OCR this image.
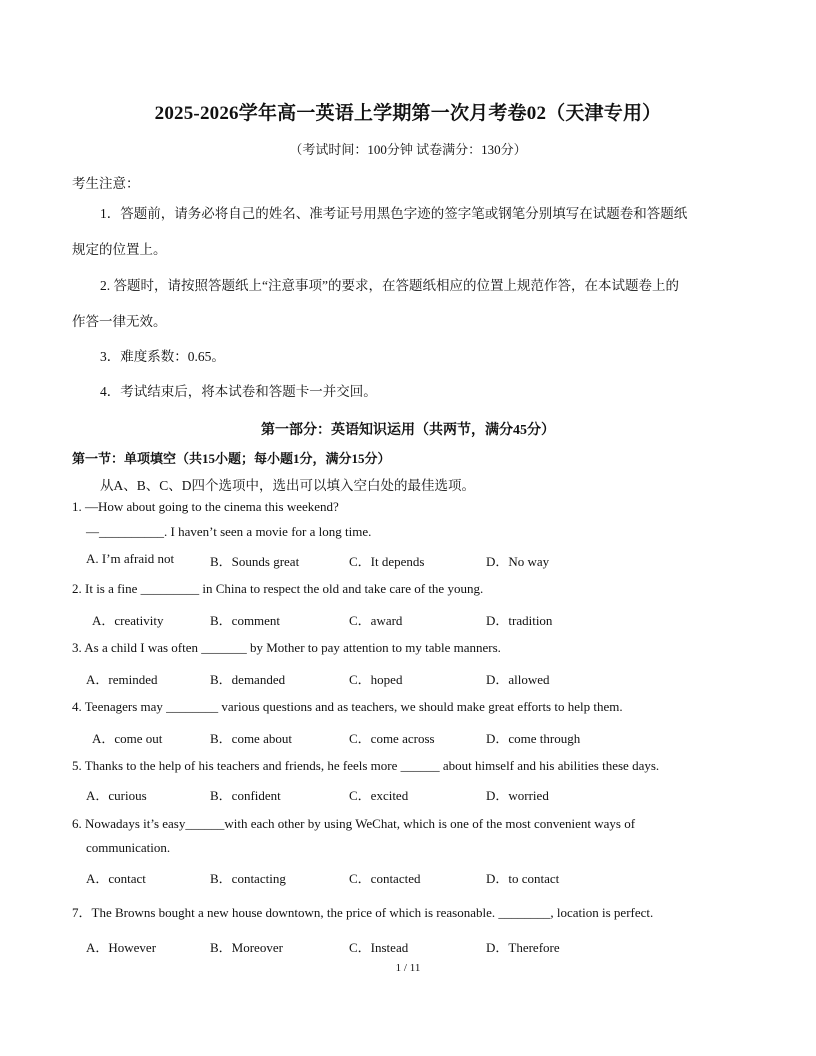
2025-2026学年高一英语上学期第一次月考卷02（天津专用）
（考试时间：100分钟 试卷满分：130分）
考生注意：
1．答题前，请务必将自己的姓名、准考证号用黑色字迹的签字笔或钢笔分别填写在试题卷和答题纸
规定的位置上。
2. 答题时，请按照答题纸上“注意事项”的要求，在答题纸相应的位置上规范作答，在本试题卷上的
作答一律无效。
3．难度系数：0.65。
4．考试结束后，将本试卷和答题卡一并交回。
第一部分：英语知识运用（共两节，满分45分）
第一节：单项填空（共15小题；每小题1分，满分15分）
从A、B、C、D四个选项中，选出可以填入空白处的最佳选项。
1. —How about going to the cinema this weekend?
—__________. I haven’t seen a movie for a long time.
A. I’m afraid not	B．Sounds great	C．It depends	D．No way
2. It is a fine _________ in China to respect the old and take care of the young.
A．creativity	B．comment	C．award	D．tradition
3. As a child I was often _______ by Mother to pay attention to my table manners.
A．reminded	B．demanded	C．hoped	D．allowed
4. Teenagers may ________ various questions and as teachers, we should make great efforts to help them.
A．come out	B．come about	C．come across	D．come through
5. Thanks to the help of his teachers and friends, he feels more ______ about himself and his abilities these days.
A．curious	B．confident	C．excited	D．worried
6. Nowadays it’s easy______with each other by using WeChat, which is one of the most convenient ways of
communication.
A．contact	B．contacting	C．contacted	D．to contact
7．The Browns bought a new house downtown, the price of which is reasonable. ________, location is perfect.
A．However	B．Moreover	C．Instead	D．Therefore
1 / 11
